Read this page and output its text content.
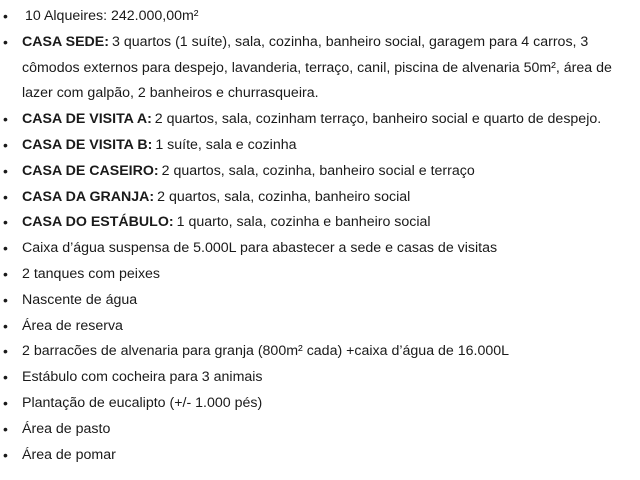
•	10 Alqueires: 242.000,00m²
• CASA SEDE: 3 quartos (1 suíte), sala, cozinha, banheiro social, garagem para 4 carros, 3 cômodos externos para despejo, lavanderia, terraço, canil, piscina de alvenaria 50m², área de lazer com galpão, 2 banheiros e churrasqueira.
• CASA DE VISITA A: 2 quartos, sala, cozinham terraço, banheiro social e quarto de despejo.
• CASA DE VISITA B: 1 suíte, sala e cozinha
• CASA DE CASEIRO: 2 quartos, sala, cozinha, banheiro social e terraço
• CASA DA GRANJA: 2 quartos, sala, cozinha, banheiro social
• CASA DO ESTÁBULO: 1 quarto, sala, cozinha e banheiro social
• Caixa d’água suspensa de 5.000L para abastecer a sede e casas de visitas
• 2 tanques com peixes
• Nascente de água
• Área de reserva
• 2 barracões de alvenaria para granja (800m² cada) +caixa d’água de 16.000L
• Estábulo com cocheira para 3 animais
• Plantação de eucalipto (+/- 1.000 pés)
• Área de pasto
• Área de pomar
